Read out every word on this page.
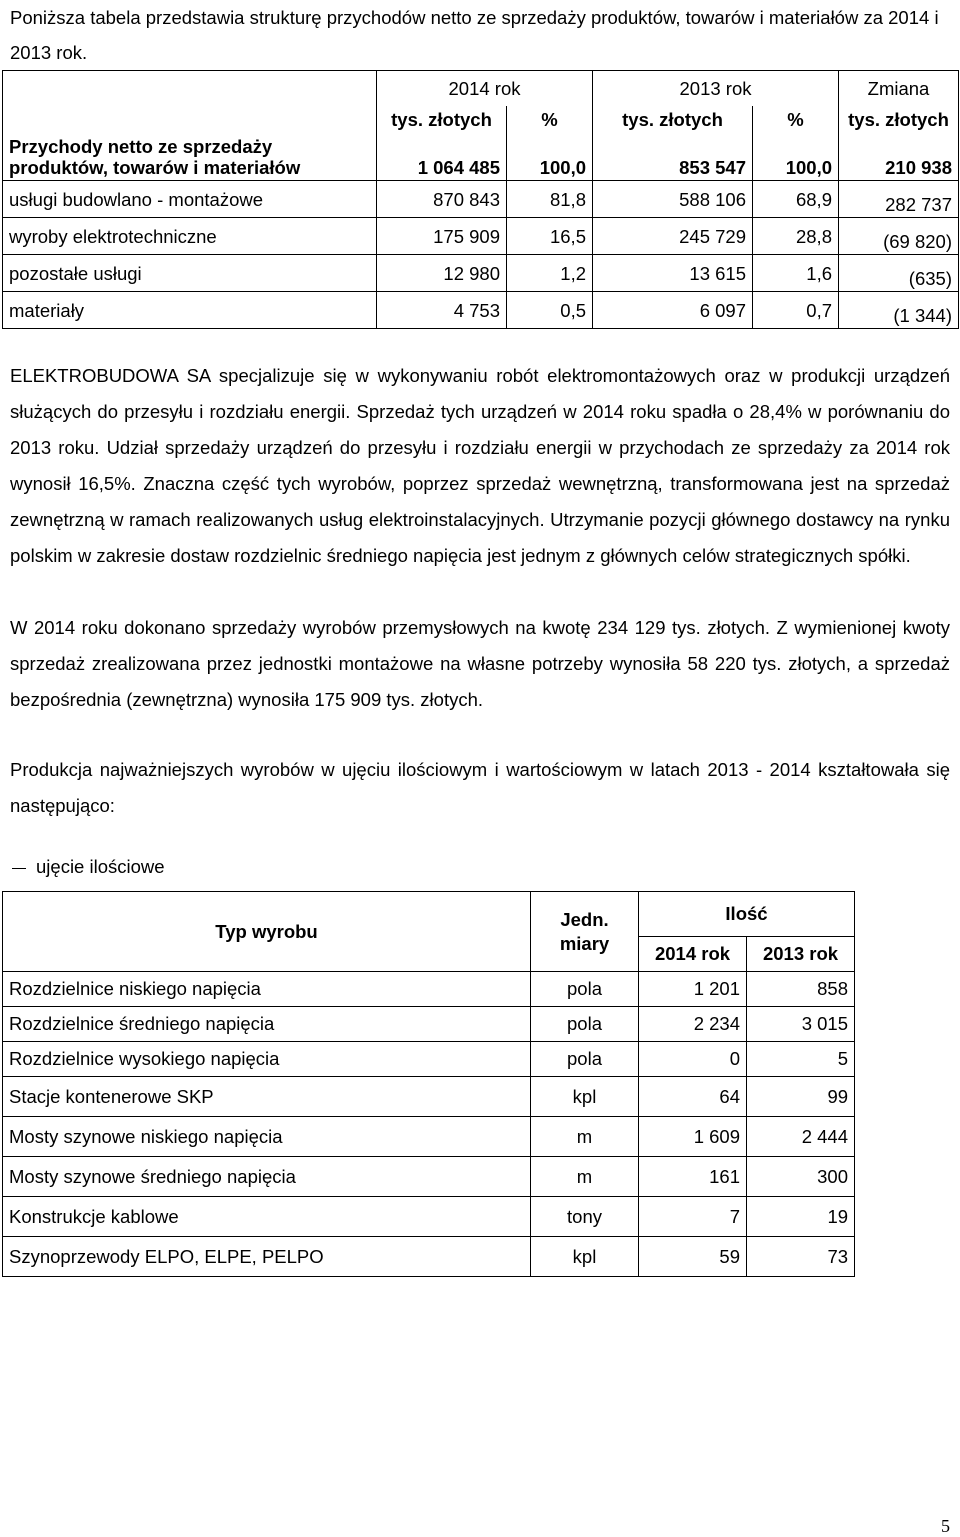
Poniższa tabela przedstawia strukturę przychodów netto ze sprzedaży produktów, towarów i materiałów za 2014 i 2013 rok.

	2014 rok		2013 rok		Zmiana
	tys. złotych	%	tys. złotych	%	tys. złotych
Przychody netto ze sprzedaży produktów, towarów i materiałów	1 064 485	100,0	853 547	100,0	210 938
usługi budowlano - montażowe	870 843	81,8	588 106	68,9	282 737
wyroby elektrotechniczne	175 909	16,5	245 729	28,8	(69 820)
pozostałe usługi	12 980	1,2	13 615	1,6	(635)
materiały	4 753	0,5	6 097	0,7	(1 344)

ELEKTROBUDOWA SA specjalizuje się w wykonywaniu robót elektromontażowych oraz w produkcji urządzeń służących do przesyłu i rozdziału energii. Sprzedaż tych urządzeń w 2014 roku spadła o 28,4% w porównaniu do 2013 roku. Udział sprzedaży urządzeń do przesyłu i rozdziału energii w przychodach ze sprzedaży za 2014 rok wynosił 16,5%. Znaczna część tych wyrobów, poprzez sprzedaż wewnętrzną, transformowana jest na sprzedaż zewnętrzną w ramach realizowanych usług elektroinstalacyjnych. Utrzymanie pozycji głównego dostawcy na rynku polskim w zakresie dostaw rozdzielnic średniego napięcia jest jednym z głównych celów strategicznych spółki.

W 2014 roku dokonano sprzedaży wyrobów przemysłowych na kwotę 234 129 tys. złotych. Z wymienionej kwoty sprzedaż zrealizowana przez jednostki montażowe na własne potrzeby wynosiła 58 220 tys. złotych, a sprzedaż bezpośrednia (zewnętrzna) wynosiła 175 909 tys. złotych.

Produkcja najważniejszych wyrobów w ujęciu ilościowym i wartościowym w latach 2013 - 2014 kształtowała się następująco:

ujęcie ilościowe
Typ wyrobu	Jedn. miary	Ilość	
		2014 rok	2013 rok
Rozdzielnice niskiego napięcia	pola	1 201	858
Rozdzielnice średniego napięcia	pola	2 234	3 015
Rozdzielnice wysokiego napięcia	pola	0	5
Stacje kontenerowe SKP	kpl	64	99
Mosty szynowe niskiego napięcia	m	1 609	2 444
Mosty szynowe średniego napięcia	m	161	300
Konstrukcje kablowe	tony	7	19
Szynoprzewody ELPO, ELPE, PELPO	kpl	59	73
5
